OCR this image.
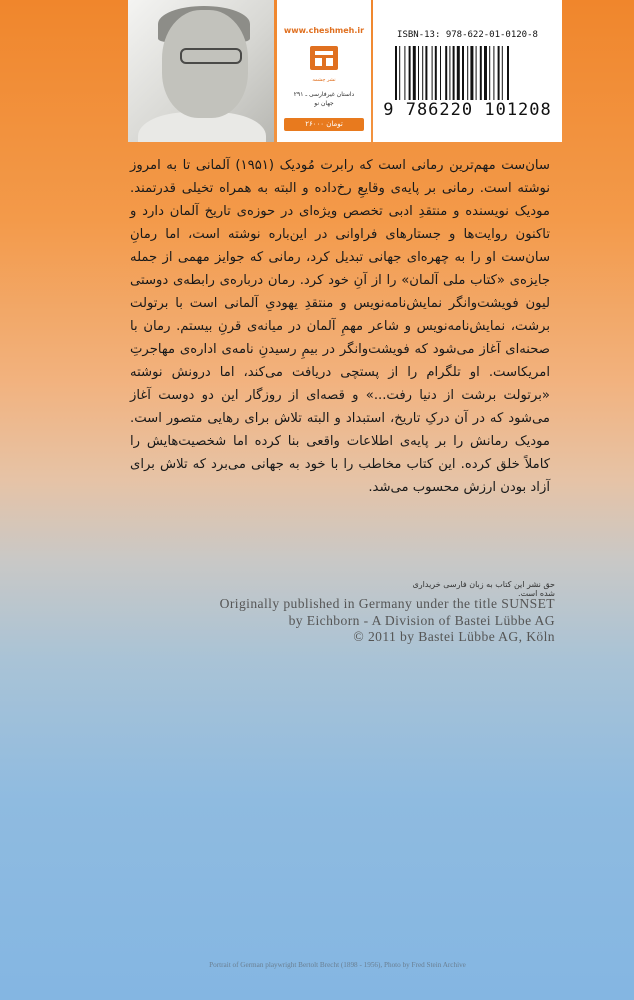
www.cheshmeh.ir
نشر چشمه
داستان غیرفارسی ـ ۲۹۱
جهان نو
۲۶۰۰۰ تومان
ISBN-13: 978-622-01-0120-8
9 786220 101208

سان‌ست مهم‌ترین رمانی است که رابرت مُودیک (۱۹۵۱) آلمانی تا به امروز نوشته است. رمانی بر پایه‌ی وقایعِ رخ‌داده و البته به همراه تخیلی قدرتمند. مودیک نویسنده و منتقدِ ادبی تخصص ویژه‌ای در حوزه‌ی تاریخ آلمان دارد و تاکنون روایت‌ها و جستارهای فراوانی در این‌باره نوشته است، اما رمانِ سان‌ست او را به چهره‌ای جهانی تبدیل کرد، رمانی که جوایز مهمی از جمله جایزه‌ی «کتاب ملی آلمان» را از آنِ خود کرد. رمان درباره‌ی رابطه‌ی دوستی لیون فویشت‌وانگر نمایش‌نامه‌نویس و منتقدِ یهودیِ آلمانی است با برتولت برشت، نمایش‌نامه‌نویس و شاعر مهمِ آلمان در میانه‌ی قرنِ بیستم. رمان با صحنه‌ای آغاز می‌شود که فویشت‌وانگر در بیمِ رسیدنِ نامه‌ی اداره‌ی مهاجرتِ امریکاست. او تلگرام را از پستچی دریافت می‌کند، اما درونش نوشته «برتولت برشت از دنیا رفت...» و قصه‌ای از روزگار این دو دوست آغاز می‌شود که در آن درکِ تاریخ، استبداد و البته تلاش برای رهایی متصور است. مودیک رمانش را بر پایه‌ی اطلاعات واقعی بنا کرده اما شخصیت‌هایش را کاملاً خلق کرده. این کتاب مخاطب را با خود به جهانی می‌برد که تلاش برای آزاد بودن ارزش محسوب می‌شد.

حق نشر این کتاب به زبان فارسی خریداری شده است.
Originally published in Germany under the title SUNSET
by Eichborn - A Division of Bastei Lübbe AG
© 2011 by Bastei Lübbe AG, Köln
Portrait of German playwright Bertolt Brecht (1898 - 1956), Photo by Fred Stein Archive
